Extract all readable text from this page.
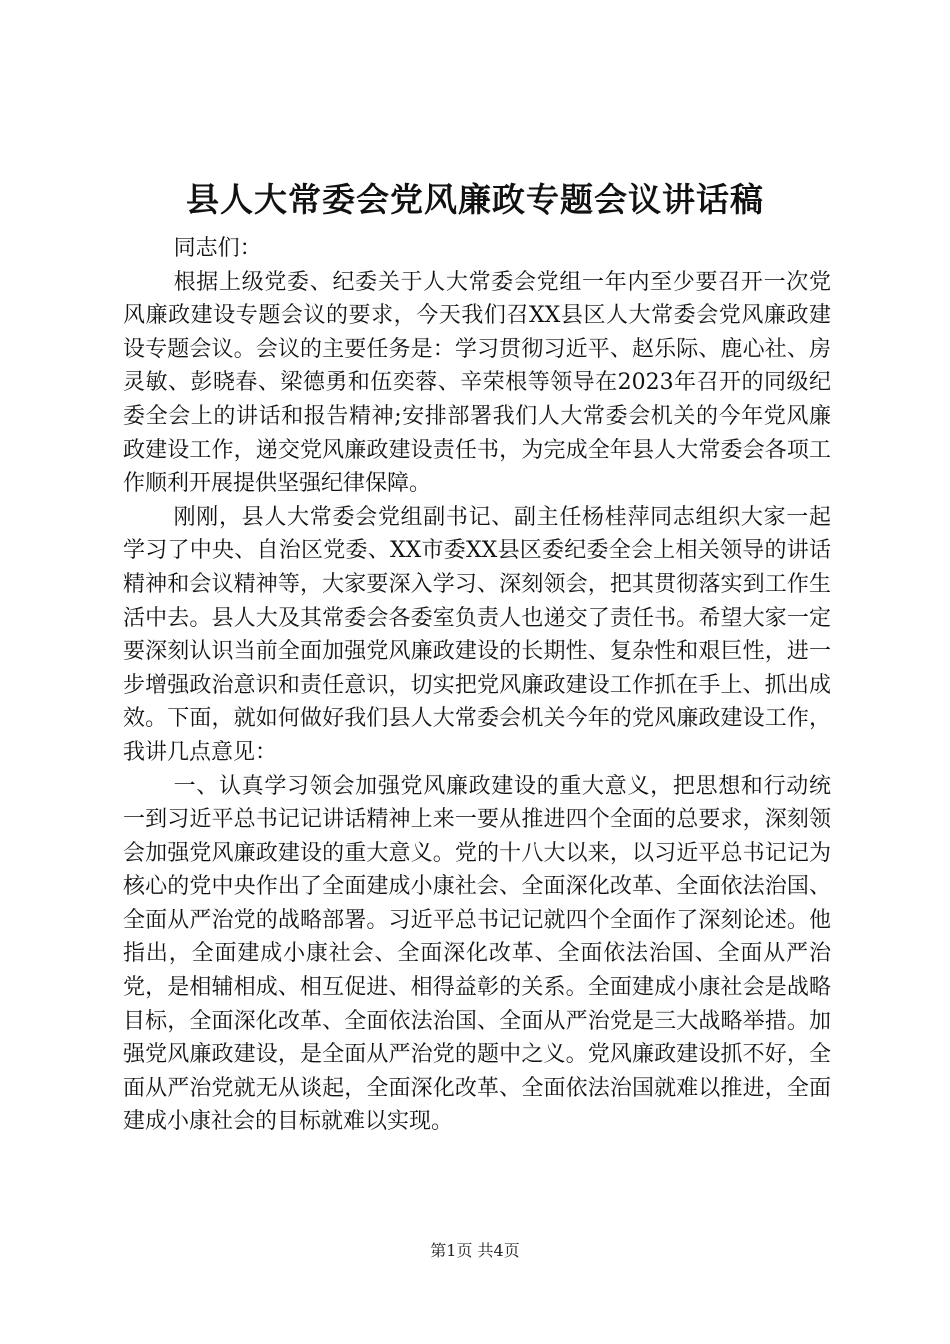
县人大常委会党风廉政专题会议讲话稿

同志们：

根据上级党委、纪委关于人大常委会党组一年内至少要召开一次党风廉政建设专题会议的要求，今天我们召XX县区人大常委会党风廉政建设专题会议。会议的主要任务是：学习贯彻习近平、赵乐际、鹿心社、房灵敏、彭晓春、梁德勇和伍奕蓉、辛荣根等领导在2023年召开的同级纪委全会上的讲话和报告精神;安排部署我们人大常委会机关的今年党风廉政建设工作，递交党风廉政建设责任书，为完成全年县人大常委会各项工作顺利开展提供坚强纪律保障。

刚刚，县人大常委会党组副书记、副主任杨桂萍同志组织大家一起学习了中央、自治区党委、XX市委XX县区委纪委全会上相关领导的讲话精神和会议精神等，大家要深入学习、深刻领会，把其贯彻落实到工作生活中去。县人大及其常委会各委室负责人也递交了责任书。希望大家一定要深刻认识当前全面加强党风廉政建设的长期性、复杂性和艰巨性，进一步增强政治意识和责任意识，切实把党风廉政建设工作抓在手上、抓出成效。下面，就如何做好我们县人大常委会机关今年的党风廉政建设工作，我讲几点意见：

一、认真学习领会加强党风廉政建设的重大意义，把思想和行动统一到习近平总书记记讲话精神上来一要从推进四个全面的总要求，深刻领会加强党风廉政建设的重大意义。党的十八大以来，以习近平总书记记为核心的党中央作出了全面建成小康社会、全面深化改革、全面依法治国、全面从严治党的战略部署。习近平总书记记就四个全面作了深刻论述。他指出，全面建成小康社会、全面深化改革、全面依法治国、全面从严治党，是相辅相成、相互促进、相得益彰的关系。全面建成小康社会是战略目标，全面深化改革、全面依法治国、全面从严治党是三大战略举措。加强党风廉政建设，是全面从严治党的题中之义。党风廉政建设抓不好，全面从严治党就无从谈起，全面深化改革、全面依法治国就难以推进，全面建成小康社会的目标就难以实现。

第1页 共4页
